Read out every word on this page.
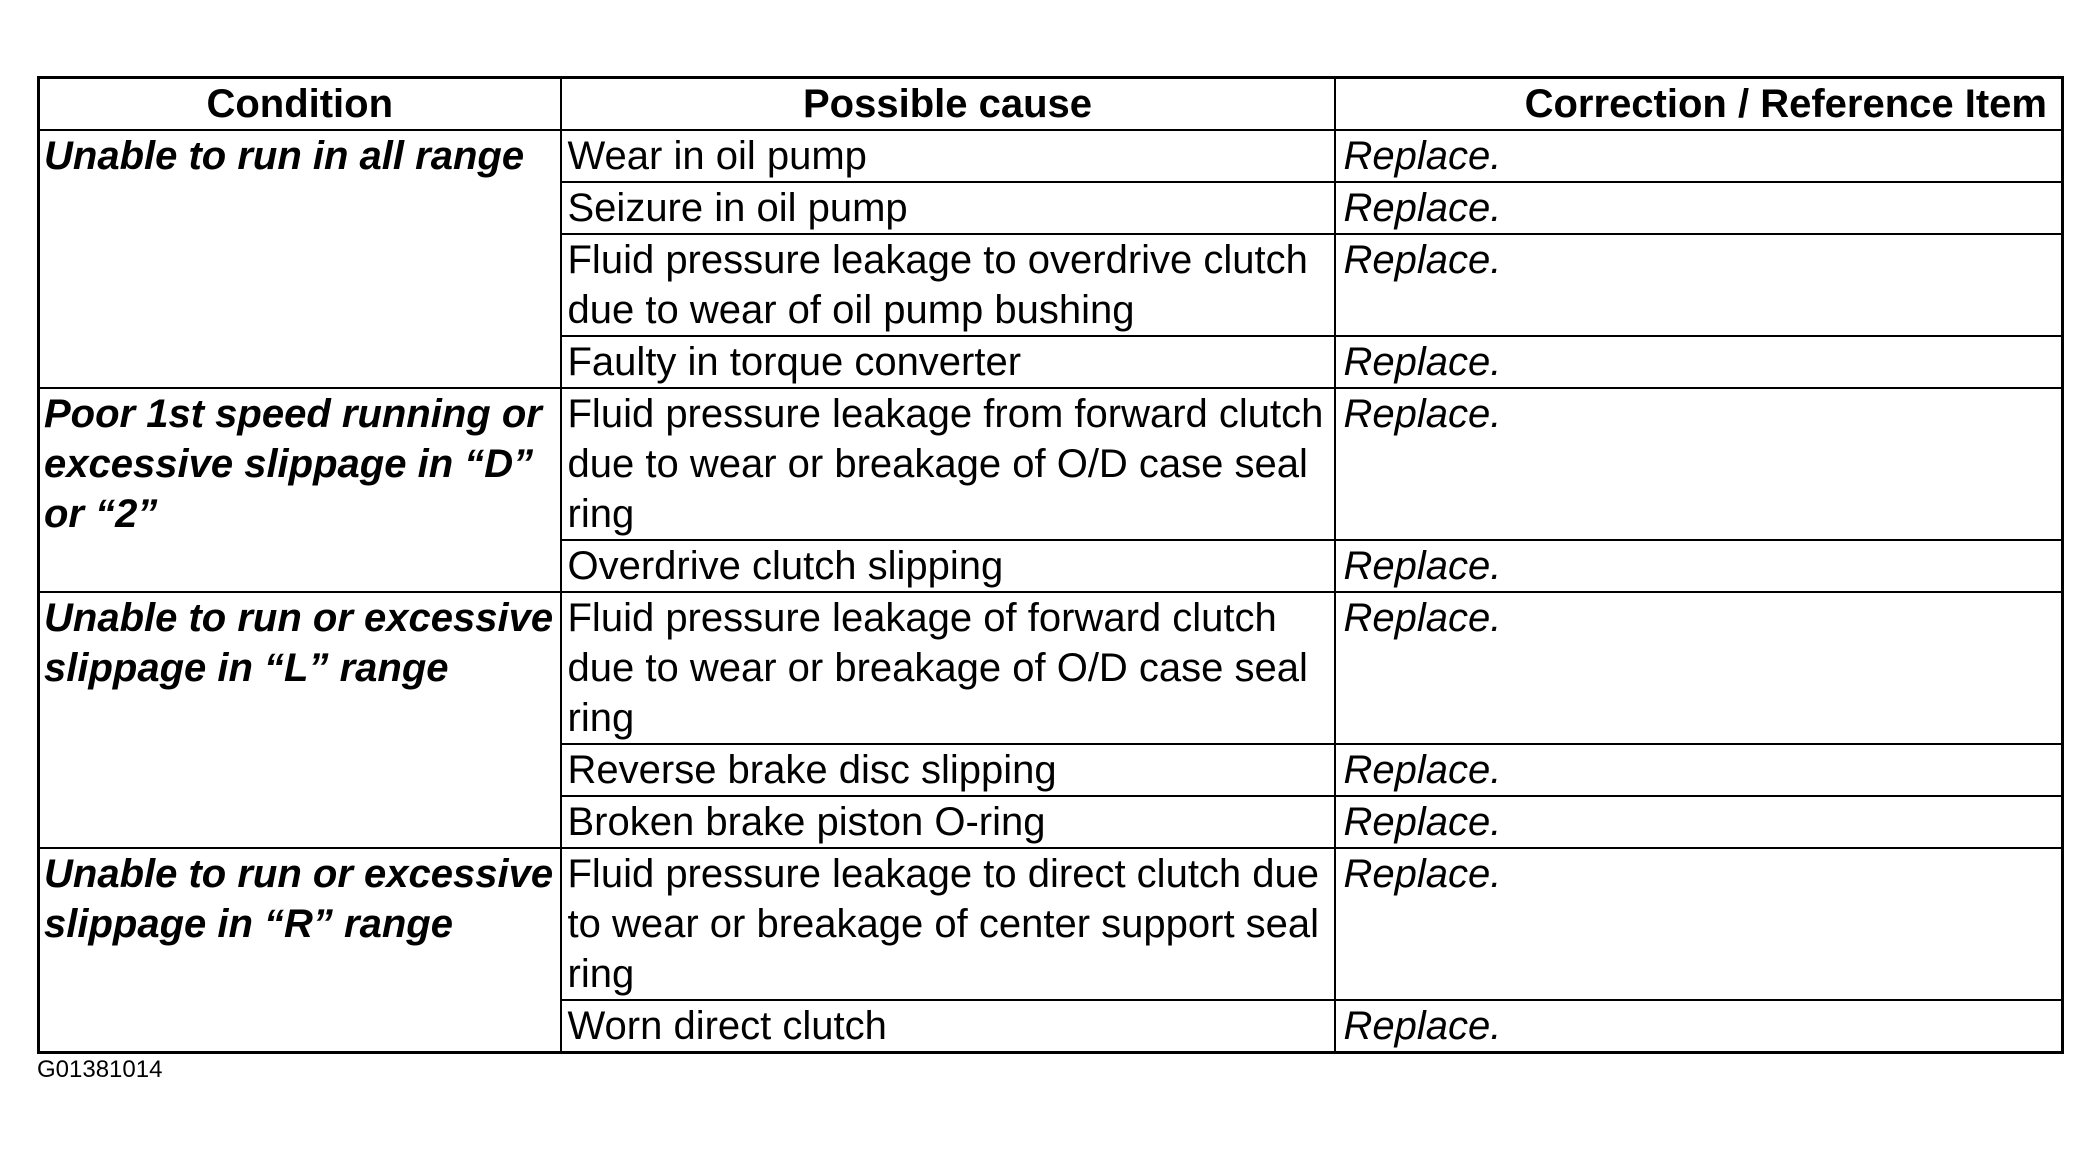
Condition	Possible cause	Correction / Reference Item
Unable to run in all range	Wear in oil pump	Replace.
	Seizure in oil pump	Replace.
	Fluid pressure leakage to overdrive clutch due to wear of oil pump bushing	Replace.
	Faulty in torque converter	Replace.
Poor 1st speed running or excessive slippage in “D” or “2”	Fluid pressure leakage from forward clutch due to wear or breakage of O/D case seal ring	Replace.
	Overdrive clutch slipping	Replace.
Unable to run or excessive slippage in “L” range	Fluid pressure leakage of forward clutch due to wear or breakage of O/D case seal ring	Replace.
	Reverse brake disc slipping	Replace.
	Broken brake piston O-ring	Replace.
Unable to run or excessive slippage in “R” range	Fluid pressure leakage to direct clutch due to wear or breakage of center support seal ring	Replace.
	Worn direct clutch	Replace.
G01381014
